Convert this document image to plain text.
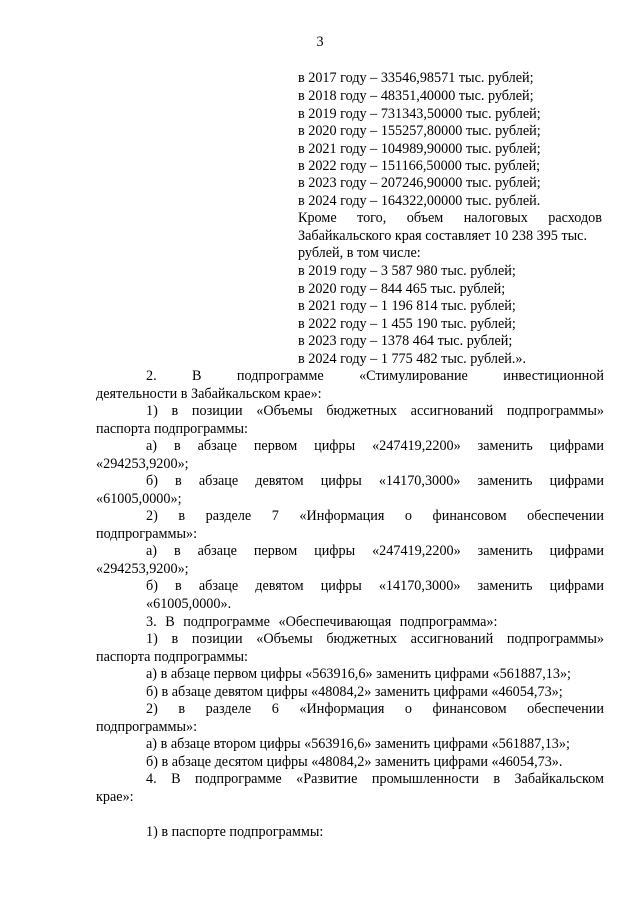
3
в 2017 году – 33546,98571 тыс. рублей;
в 2018 году – 48351,40000 тыс. рублей;
в 2019 году – 731343,50000 тыс. рублей;
в 2020 году – 155257,80000 тыс. рублей;
в 2021 году – 104989,90000 тыс. рублей;
в 2022 году – 151166,50000 тыс. рублей;
в 2023 году – 207246,90000 тыс. рублей;
в 2024 году – 164322,00000 тыс. рублей.
Кроме того, объем налоговых расходов
Забайкальского края составляет 10 238 395 тыс.
рублей, в том числе:
в 2019 году – 3 587 980 тыс. рублей;
в 2020 году – 844 465 тыс. рублей;
в 2021 году – 1 196 814 тыс. рублей;
в 2022 году – 1 455 190 тыс. рублей;
в 2023 году – 1378 464 тыс. рублей;
в 2024 году – 1 775 482 тыс. рублей.».
2. В подпрограмме «Стимулирование инвестиционной
деятельности в Забайкальском крае»:
1) в позиции «Объемы бюджетных ассигнований подпрограммы»
паспорта подпрограммы:
а) в абзаце первом цифры «247419,2200» заменить цифрами
«294253,9200»;
б) в абзаце девятом цифры «14170,3000» заменить цифрами
«61005,0000»;
2) в разделе 7 «Информация о финансовом обеспечении
подпрограммы»:
а) в абзаце первом цифры «247419,2200» заменить цифрами
«294253,9200»;
б) в абзаце девятом цифры «14170,3000» заменить цифрами
«61005,0000».
3. В подпрограмме «Обеспечивающая подпрограмма»:
1) в позиции «Объемы бюджетных ассигнований подпрограммы»
паспорта подпрограммы:
а) в абзаце первом цифры «563916,6» заменить цифрами «561887,13»;
б) в абзаце девятом цифры «48084,2» заменить цифрами «46054,73»;
2) в разделе 6 «Информация о финансовом обеспечении
подпрограммы»:
а) в абзаце втором цифры «563916,6» заменить цифрами «561887,13»;
б) в абзаце десятом цифры «48084,2» заменить цифрами «46054,73».
4. В подпрограмме «Развитие промышленности в Забайкальском
крае»:
1) в паспорте подпрограммы:
